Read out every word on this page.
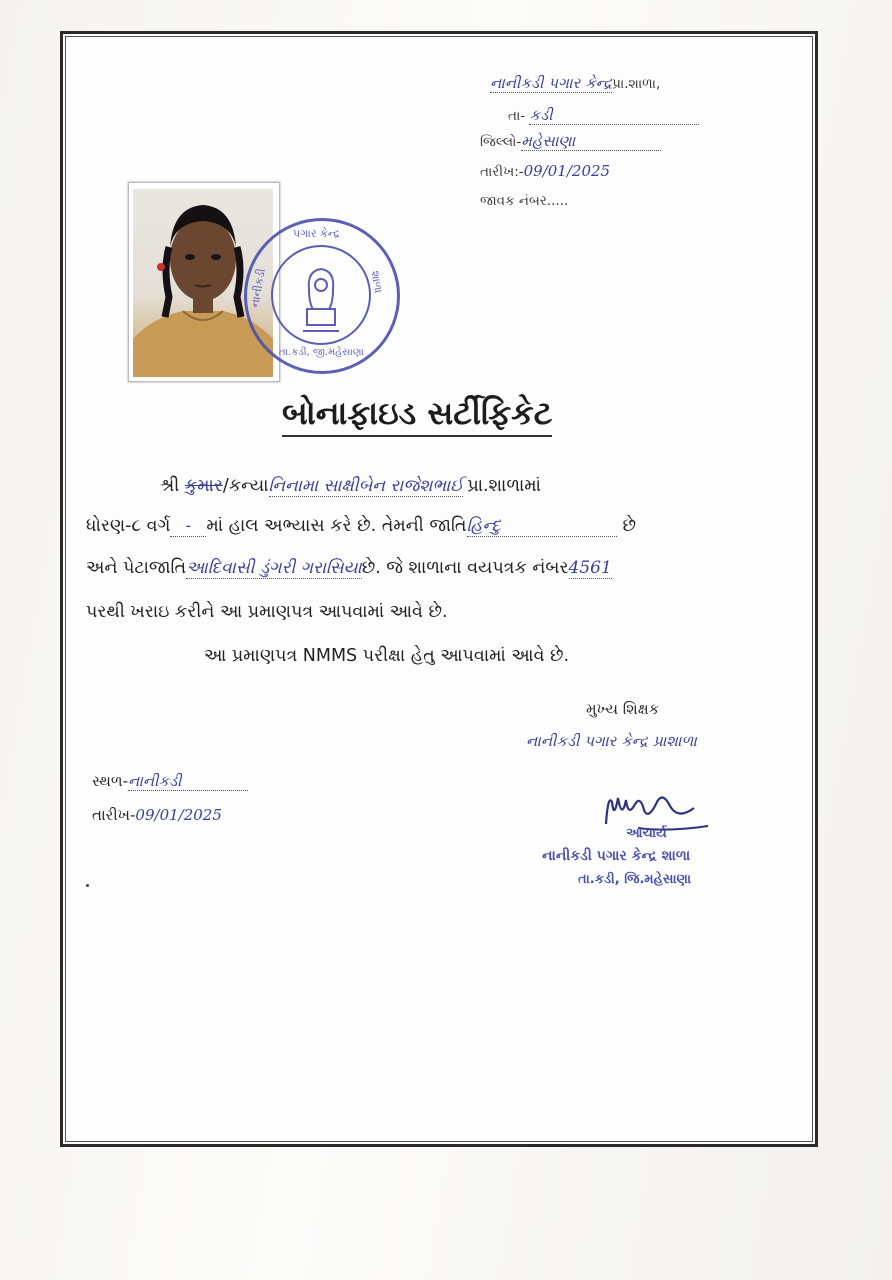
નાનીકડી પગાર કેન્દ્રપ્રા.શાળા,
તા- કડી
જિલ્લો-મહેસાણા
તારીખ:-09/01/2025
જાવક નંબર.....
પગાર કેન્દ્ર
નાનીકડી	શાળા
તા.કડી, જી.મહેસાણા
બોનાફાઇડ સર્ટીફિકેટ
શ્રી કુમાર/કન્યાનિનામા સાક્ષીબેન રાજેશભાઈ પ્રા.શાળામાં
ધોરણ-૮ વર્ગ - માં હાલ અભ્યાસ કરે છે. તેમની જાતિહિન્દુ	છે
અને પેટાજાતિઆદિવાસી ડુંગરી ગરાસિયાછે. જે શાળાના વયપત્રક નંબર4561
પરથી ખરાઇ કરીને આ પ્રમાણપત્ર આપવામાં આવે છે.
આ પ્રમાણપત્ર NMMS પરીક્ષા હેતુ આપવામાં આવે છે.
મુખ્ય શિક્ષક
નાનીકડી પગાર કેન્દ્ર પ્રાશાળા
સ્થળ-નાનીકડી
તારીખ-09/01/2025
આચાર્ય
નાનીકડી પગાર કેન્દ્ર શાળા
તા.કડી, જિ.મહેસાણા
